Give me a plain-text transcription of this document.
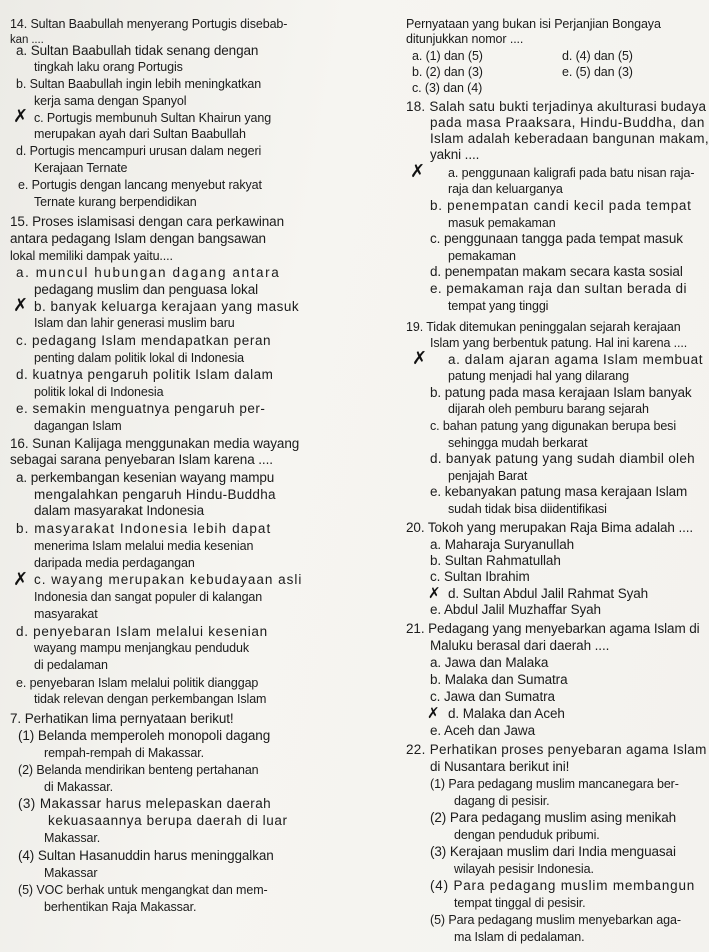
14. Sultan Baabullah menyerang Portugis disebab-
kan ....
a. Sultan Baabullah tidak senang dengan
tingkah laku orang Portugis
b. Sultan Baabullah ingin lebih meningkatkan
kerja sama dengan Spanyol
✗ c. Portugis membunuh Sultan Khairun yang
merupakan ayah dari Sultan Baabullah
d. Portugis mencampuri urusan dalam negeri
Kerajaan Ternate
e. Portugis dengan lancang menyebut rakyat
Ternate kurang berpendidikan
15. Proses islamisasi dengan cara perkawinan
antara pedagang Islam dengan bangsawan
lokal memiliki dampak yaitu....
a. muncul hubungan dagang antara
pedagang muslim dan penguasa lokal
✗ b. banyak keluarga kerajaan yang masuk
Islam dan lahir generasi muslim baru
c. pedagang Islam mendapatkan peran
penting dalam politik lokal di Indonesia
d. kuatnya pengaruh politik Islam dalam
politik lokal di Indonesia
e. semakin menguatnya pengaruh per-
dagangan Islam
16. Sunan Kalijaga menggunakan media wayang
sebagai sarana penyebaran Islam karena ....
a. perkembangan kesenian wayang mampu
mengalahkan pengaruh Hindu-Buddha
dalam masyarakat Indonesia
b. masyarakat Indonesia lebih dapat
menerima Islam melalui media kesenian
daripada media perdagangan
✗ c. wayang merupakan kebudayaan asli
Indonesia dan sangat populer di kalangan
masyarakat
d. penyebaran Islam melalui kesenian
wayang mampu menjangkau penduduk
di pedalaman
e. penyebaran Islam melalui politik dianggap
tidak relevan dengan perkembangan Islam
7. Perhatikan lima pernyataan berikut!
(1) Belanda memperoleh monopoli dagang
rempah-rempah di Makassar.
(2) Belanda mendirikan benteng pertahanan
di Makassar.
(3) Makassar harus melepaskan daerah
kekuasaannya berupa daerah di luar
Makassar.
(4) Sultan Hasanuddin harus meninggalkan
Makassar
(5) VOC berhak untuk mengangkat dan mem-
berhentikan Raja Makassar.
Pernyataan yang bukan isi Perjanjian Bongaya
ditunjukkan nomor ....
a. (1) dan (5)	d. (4) dan (5)
b. (2) dan (3)	e. (5) dan (3)
c. (3) dan (4)
18. Salah satu bukti terjadinya akulturasi budaya
pada masa Praaksara, Hindu-Buddha, dan
Islam adalah keberadaan bangunan makam,
yakni ....
✗ a. penggunaan kaligrafi pada batu nisan raja-
raja dan keluarganya
b. penempatan candi kecil pada tempat
masuk pemakaman
c. penggunaan tangga pada tempat masuk
pemakaman
d. penempatan makam secara kasta sosial
e. pemakaman raja dan sultan berada di
tempat yang tinggi
19. Tidak ditemukan peninggalan sejarah kerajaan
Islam yang berbentuk patung. Hal ini karena ....
✗ a. dalam ajaran agama Islam membuat
patung menjadi hal yang dilarang
b. patung pada masa kerajaan Islam banyak
dijarah oleh pemburu barang sejarah
c. bahan patung yang digunakan berupa besi
sehingga mudah berkarat
d. banyak patung yang sudah diambil oleh
penjajah Barat
e. kebanyakan patung masa kerajaan Islam
sudah tidak bisa diidentifikasi
20. Tokoh yang merupakan Raja Bima adalah ....
a. Maharaja Suryanullah
b. Sultan Rahmatullah
c. Sultan Ibrahim
✗ d. Sultan Abdul Jalil Rahmat Syah
e. Abdul Jalil Muzhaffar Syah
21. Pedagang yang menyebarkan agama Islam di
Maluku berasal dari daerah ....
a. Jawa dan Malaka
b. Malaka dan Sumatra
c. Jawa dan Sumatra
✗ d. Malaka dan Aceh
e. Aceh dan Jawa
22. Perhatikan proses penyebaran agama Islam
di Nusantara berikut ini!
(1) Para pedagang muslim mancanegara ber-
dagang di pesisir.
(2) Para pedagang muslim asing menikah
dengan penduduk pribumi.
(3) Kerajaan muslim dari India menguasai
wilayah pesisir Indonesia.
(4) Para pedagang muslim membangun
tempat tinggal di pesisir.
(5) Para pedagang muslim menyebarkan aga-
ma Islam di pedalaman.
